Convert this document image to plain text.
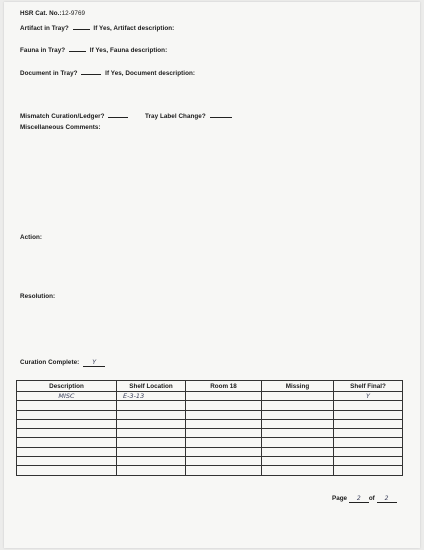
HSR Cat. No.:12-9769
Artifact in Tray?	If Yes, Artifact description:
Fauna in Tray?	If Yes, Fauna description:
Document in Tray?	If Yes, Document description:
Mismatch Curation/Ledger?	Tray Label Change?
Miscellaneous Comments:
Action:
Resolution:
Curation Complete: Y
Description	Shelf Location	Room 18	Missing	Shelf Final?
MISC	E-3-13			Y

Page 2 of 2
